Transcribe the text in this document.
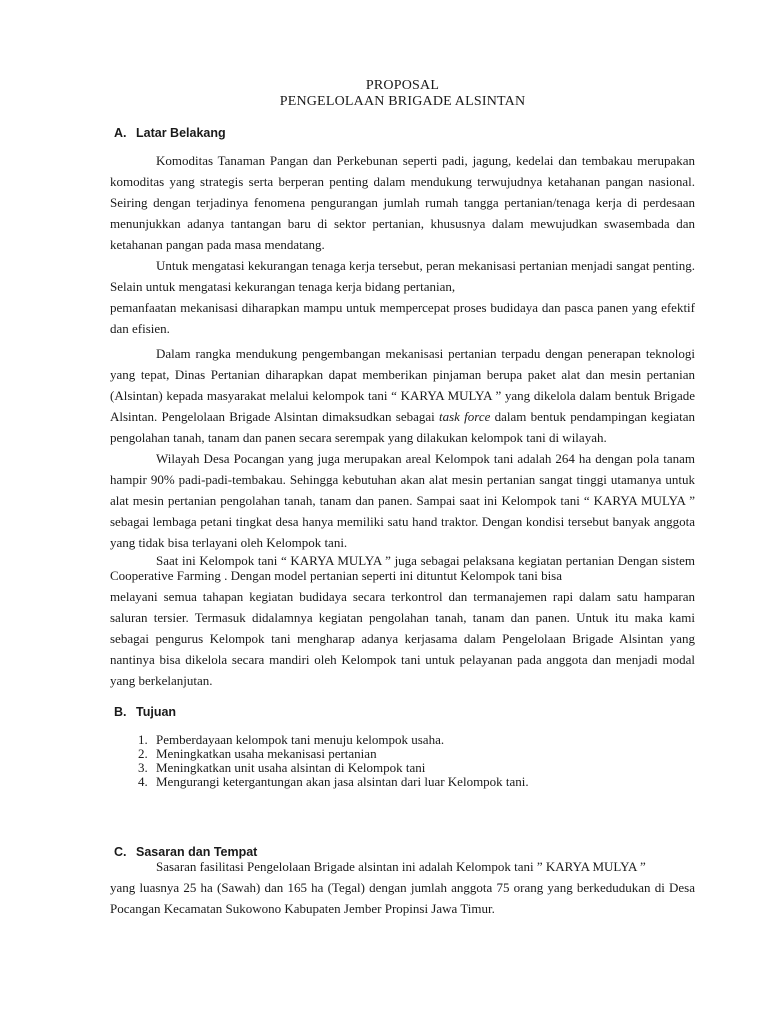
PROPOSAL
PENGELOLAAN BRIGADE ALSINTAN
A. Latar Belakang

Komoditas Tanaman Pangan dan Perkebunan seperti padi, jagung, kedelai dan tembakau merupakan komoditas yang strategis serta berperan penting dalam mendukung terwujudnya ketahanan pangan nasional. Seiring dengan terjadinya fenomena pengurangan jumlah rumah tangga pertanian/tenaga kerja di perdesaan menunjukkan adanya tantangan baru di sektor pertanian, khususnya dalam mewujudkan swasembada dan ketahanan pangan pada masa mendatang.

Untuk mengatasi kekurangan tenaga kerja tersebut, peran mekanisasi pertanian menjadi sangat penting. Selain untuk mengatasi kekurangan tenaga kerja bidang pertanian,

pemanfaatan mekanisasi diharapkan mampu untuk mempercepat proses budidaya dan pasca panen yang efektif dan efisien.

Dalam rangka mendukung pengembangan mekanisasi pertanian terpadu dengan penerapan teknologi yang tepat, Dinas Pertanian diharapkan dapat memberikan pinjaman berupa paket alat dan mesin pertanian (Alsintan) kepada masyarakat melalui kelompok tani “ KARYA MULYA ” yang dikelola dalam bentuk Brigade Alsintan. Pengelolaan Brigade Alsintan dimaksudkan sebagai task force dalam bentuk pendampingan kegiatan pengolahan tanah, tanam dan panen secara serempak yang dilakukan kelompok tani di wilayah.

Wilayah Desa Pocangan yang juga merupakan areal Kelompok tani adalah 264 ha dengan pola tanam hampir 90% padi-padi-tembakau. Sehingga kebutuhan akan alat mesin pertanian sangat tinggi utamanya untuk alat mesin pertanian pengolahan tanah, tanam dan panen. Sampai saat ini Kelompok tani “ KARYA MULYA ” sebagai lembaga petani tingkat desa hanya memiliki satu hand traktor. Dengan kondisi tersebut banyak anggota yang tidak bisa terlayani oleh Kelompok tani.

Saat ini Kelompok tani “ KARYA MULYA ” juga sebagai pelaksana kegiatan pertanian Dengan sistem Cooperative Farming . Dengan model pertanian seperti ini dituntut Kelompok tani bisa

melayani semua tahapan kegiatan budidaya secara terkontrol dan termanajemen rapi dalam satu hamparan saluran tersier. Termasuk didalamnya kegiatan pengolahan tanah, tanam dan panen. Untuk itu maka kami sebagai pengurus Kelompok tani mengharap adanya kerjasama dalam Pengelolaan Brigade Alsintan yang nantinya bisa dikelola secara mandiri oleh Kelompok tani untuk pelayanan pada anggota dan menjadi modal yang berkelanjutan.

B. Tujuan
1. Pemberdayaan kelompok tani menuju kelompok usaha.
2. Meningkatkan usaha mekanisasi pertanian
3. Meningkatkan unit usaha alsintan di Kelompok tani
4. Mengurangi ketergantungan akan jasa alsintan dari luar Kelompok tani.
C. Sasaran dan Tempat

Sasaran fasilitasi Pengelolaan Brigade alsintan ini adalah Kelompok tani ” KARYA MULYA ”

yang luasnya 25 ha (Sawah) dan 165 ha (Tegal) dengan jumlah anggota 75 orang yang berkedudukan di Desa Pocangan Kecamatan Sukowono Kabupaten Jember Propinsi Jawa Timur.
